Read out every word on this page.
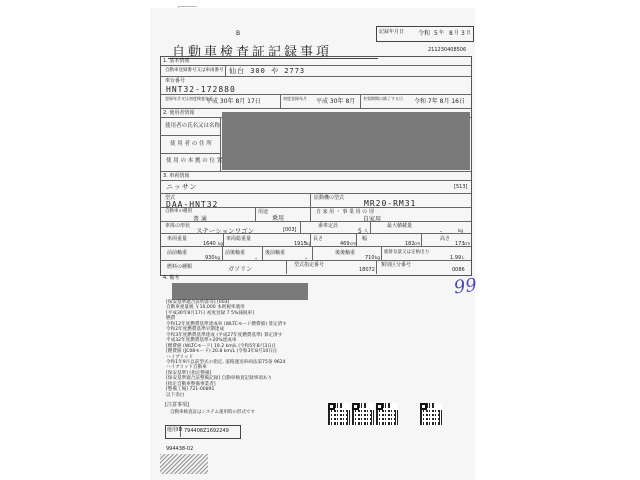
B
自動車検査証記録事項
記録年月日 令和 5 年 8 月 3 日
211230408506
1. 基本情報
自動車登録番号又は車両番号 仙台 300 や 2773
車台番号
HNT32-172880
登録年月又は初度検査年月
平成 30年 8月 17日	初度登録年月 平成 30年 8月 有効期間の満了する日 令和 7年 8月 16日
2. 使用者情報
使用者の氏名又は名称
使 用 者 の 住 所
使 用 の 本 拠 の 位 置
3. 車両情報
ニッサン	[513]
型式
DAA-HNT32
原動機の型式
MR20-RM31
自動車の種別
普 通
用途
乗用
自 家 用 ・ 事 業 用 の 別
自家用
車体の形状
ステーションワゴン	[003]
乗車定員
5 人
最大積載量
-	kg
車両重量
1640 kg
車両総重量
1915 kg
長さ
469 cm
幅
182 cm
高さ
173 cm
前前軸重
930 kg
前後軸重
-
後前軸重
-
後後軸重
710 kg
総排気量又は定格出力
1.99 L
燃料の種類	ガソリン
型式指定番号
18072
類別区分番号
0086
99
4. 備考
[保安基準適合証明書等] [003]
自動車重量税 ￥10,000 本則税率適用
[平成30年8月17日 初度登録 7 5%減税車]
燃費
令和12年度燃費基準達成車 (WLTCモード燃費値) 算定済す
令和2年度燃費基準早期達成
令和3年度燃費基準達成 (平成27年度燃費基準) 算定済す
平成32年度燃費基準+20%達成車
[燃費値 (WLTCモード) 19.2 km/L (令和5年8月3日)]
[燃費値 (JC08モード) 20.8 km/L (令和3年8月10日)]
ハイブリッド
令和1年9月以前型式の指定, 道路運送車両法第75条 9624
ハイブリッド自動車
[保安基準] [指定整備]
[保安基準適合証整備記録] 自動車検査記録事項あり
[指定自動車整備事業者]
[整備工場] 721-00891
以下余白
[注意事項]
自動車検査証はシステム運用時の形式です
運用ID 794408Z1692249
994438-02
